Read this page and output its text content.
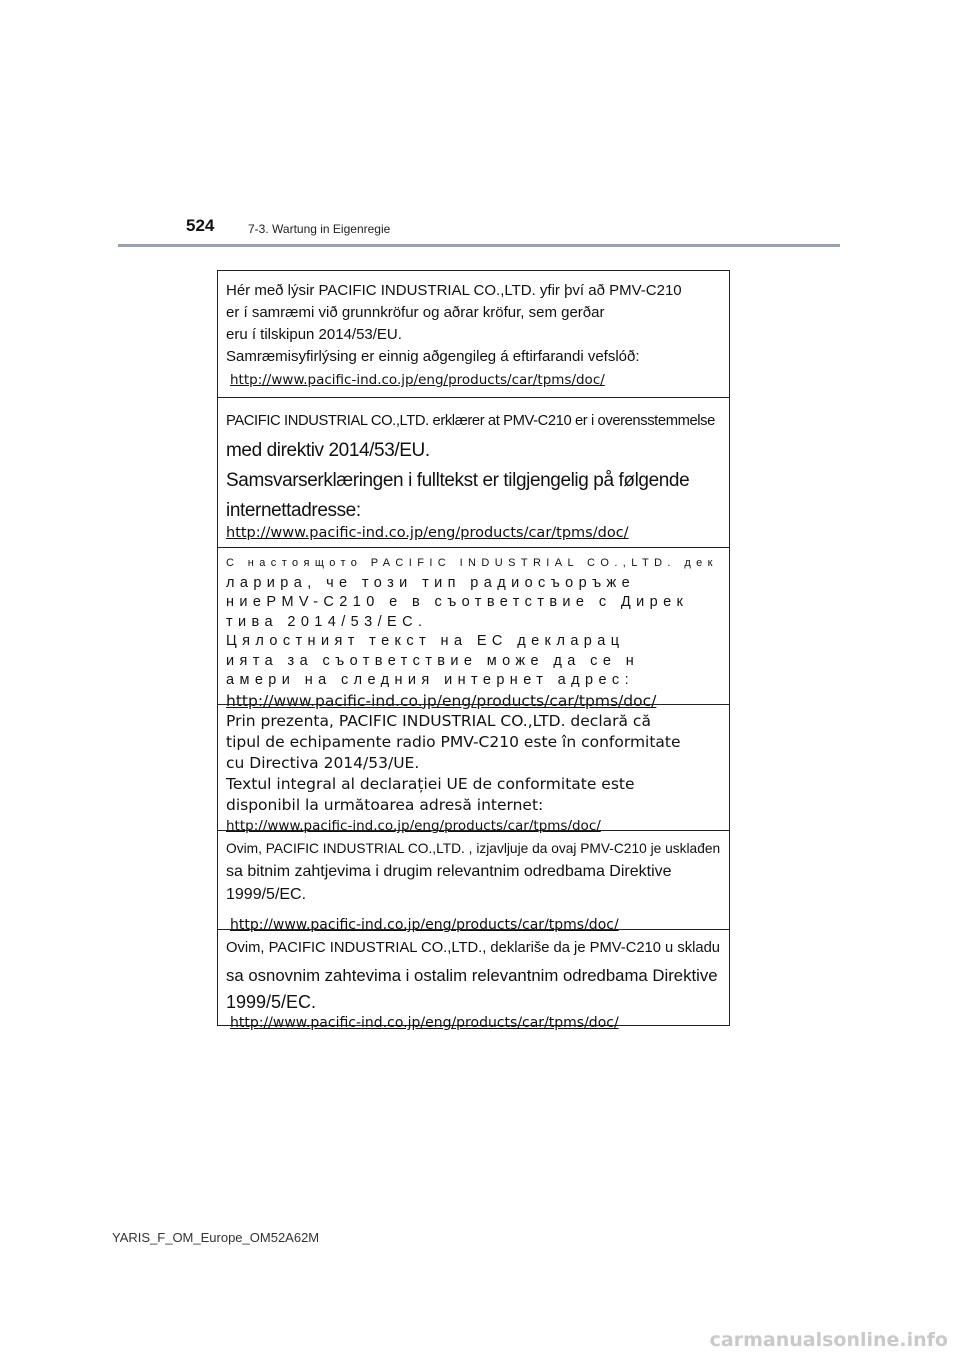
524	7-3. Wartung in Eigenregie
Hér með lýsir PACIFIC INDUSTRIAL CO.,LTD. yfir því að PMV-C210
er í samræmi við grunnkröfur og aðrar kröfur, sem gerðar
eru í tilskipun 2014/53/EU.
Samræmisyfirlýsing er einnig aðgengileg á eftirfarandi vefslóð:
http://www.pacific-ind.co.jp/eng/products/car/tpms/doc/
PACIFIC INDUSTRIAL CO.,LTD. erklærer at PMV-C210 er i overensstemmelse
med direktiv 2014/53/EU.
Samsvarserklæringen i fulltekst er tilgjengelig på følgende
internettadresse:
http://www.pacific-ind.co.jp/eng/products/car/tpms/doc/
С настоящото PACIFIC INDUSTRIAL CO.,LTD. дек
ларира, че този тип радиосъоръже
ниеPMV-C210 е в съответствие с Дирек
тива 2014/53/ЕС.
Цялостният текст на ЕС декларац
ията за съответствие може да се н
амери на следния интернет адрес:
http://www.pacific-ind.co.jp/eng/products/car/tpms/doc/
Prin prezenta, PACIFIC INDUSTRIAL CO.,LTD. declară că
tipul de echipamente radio PMV-C210 este în conformitate
cu Directiva 2014/53/UE.
Textul integral al declarației UE de conformitate este
disponibil la următoarea adresă internet:
http://www.pacific-ind.co.jp/eng/products/car/tpms/doc/
Ovim, PACIFIC INDUSTRIAL CO.,LTD. , izjavljuje da ovaj PMV-C210 je usklađen
sa bitnim zahtjevima i drugim relevantnim odredbama Direktive
1999/5/EC.
http://www.pacific-ind.co.jp/eng/products/car/tpms/doc/
Ovim, PACIFIC INDUSTRIAL CO.,LTD., deklariše da je PMV-C210 u skladu
sa osnovnim zahtevima i ostalim relevantnim odredbama Direktive
1999/5/EC.
http://www.pacific-ind.co.jp/eng/products/car/tpms/doc/
YARIS_F_OM_Europe_OM52A62M
carmanualsonline.info
